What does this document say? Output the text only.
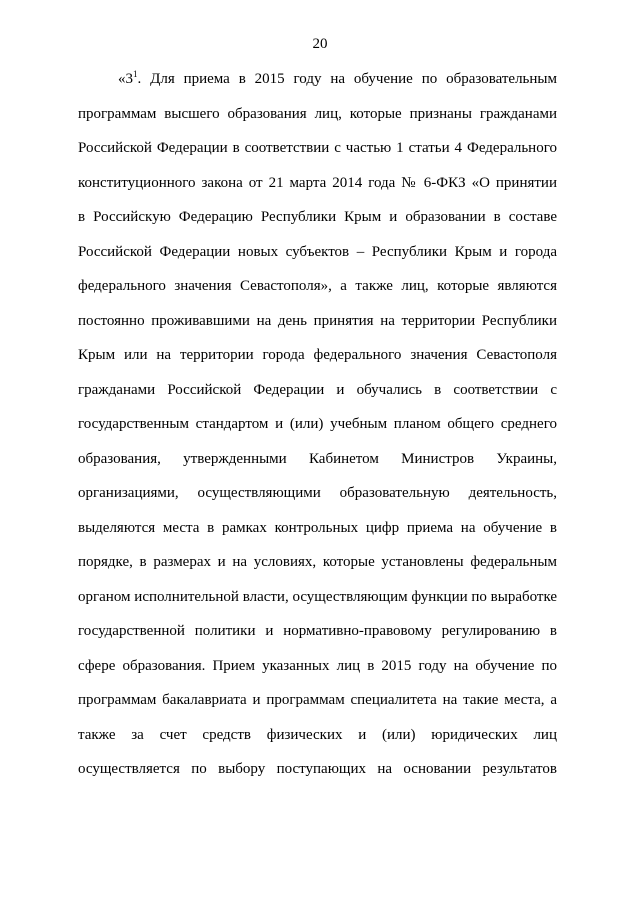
20
«$3^1$. Для приема в 2015 году на обучение по образовательным
программам высшего образования лиц, которые признаны гражданами
Российской Федерации в соответствии с частью 1 статьи 4 Федерального
конституционного закона от 21 марта 2014 года № 6-ФКЗ «О принятии
в Российскую Федерацию Республики Крым и образовании в составе
Российской Федерации новых субъектов – Республики Крым и города
федерального значения Севастополя», а также лиц, которые являются
постоянно проживавшими на день принятия на территории Республики
Крым или на территории города федерального значения Севастополя
гражданами Российской Федерации и обучались в соответствии с
государственным стандартом и (или) учебным планом общего среднего
образования, утвержденными Кабинетом Министров Украины,
организациями, осуществляющими образовательную деятельность,
выделяются места в рамках контрольных цифр приема на обучение в
порядке, в размерах и на условиях, которые установлены федеральным
органом исполнительной власти, осуществляющим функции по выработке
государственной политики и нормативно-правовому регулированию в
сфере образования. Прием указанных лиц в 2015 году на обучение по
программам бакалавриата и программам специалитета на такие места, а
также за счет средств физических и (или) юридических лиц
осуществляется по выбору поступающих на основании результатов
